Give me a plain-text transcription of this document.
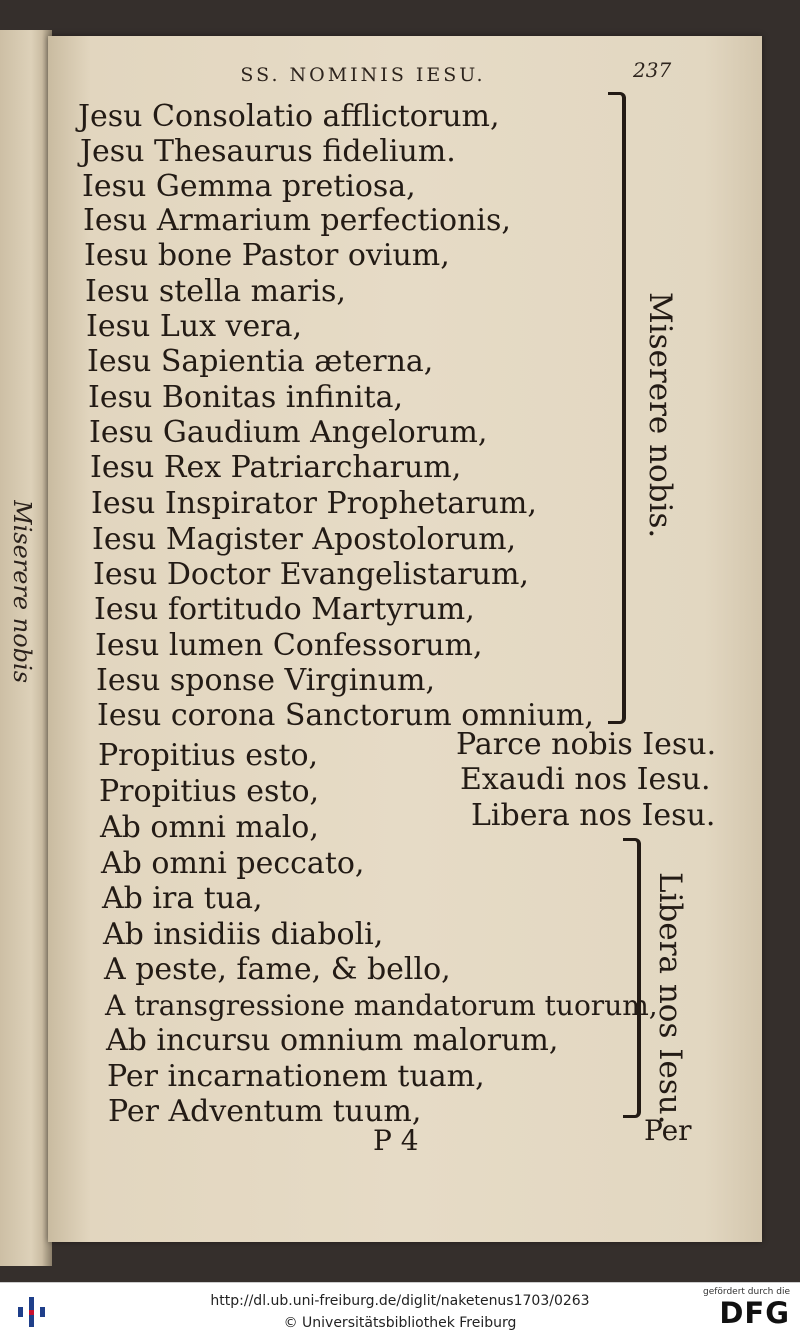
Miserere nobis
SS. NOMINIS IESU.	237
Jesu Consolatio afflictorum,
Jesu Thesaurus fidelium.
Iesu Gemma pretiosa,
Iesu Armarium perfectionis,
Iesu bone Pastor ovium,
Iesu stella maris,
Iesu Lux vera,
Iesu Sapientia æterna,
Iesu Bonitas infinita,
Iesu Gaudium Angelorum,
Iesu Rex Patriarcharum,
Iesu Inspirator Prophetarum,
Iesu Magister Apostolorum,
Iesu Doctor Evangelistarum,
Iesu fortitudo Martyrum,
Iesu lumen Confessorum,
Iesu sponse Virginum,
Iesu corona Sanctorum omnium,
Miserere nobis.
Propitius esto,	Parce nobis Iesu.
Propitius esto,	Exaudi nos Iesu.
Ab omni malo,	Libera nos Iesu.
Ab omni peccato,
Ab ira tua,
Ab insidiis diaboli,
A peste, fame, & bello,
A transgressione mandatorum tuorum,
Ab incursu omnium malorum,
Per incarnationem tuam,
Per Adventum tuum,	Libera nos Iesu.
P 4	Per
http://dl.ub.uni-freiburg.de/diglit/naketenus1703/0263
© Universitätsbibliothek Freiburg
gefördert durch die
DFG
